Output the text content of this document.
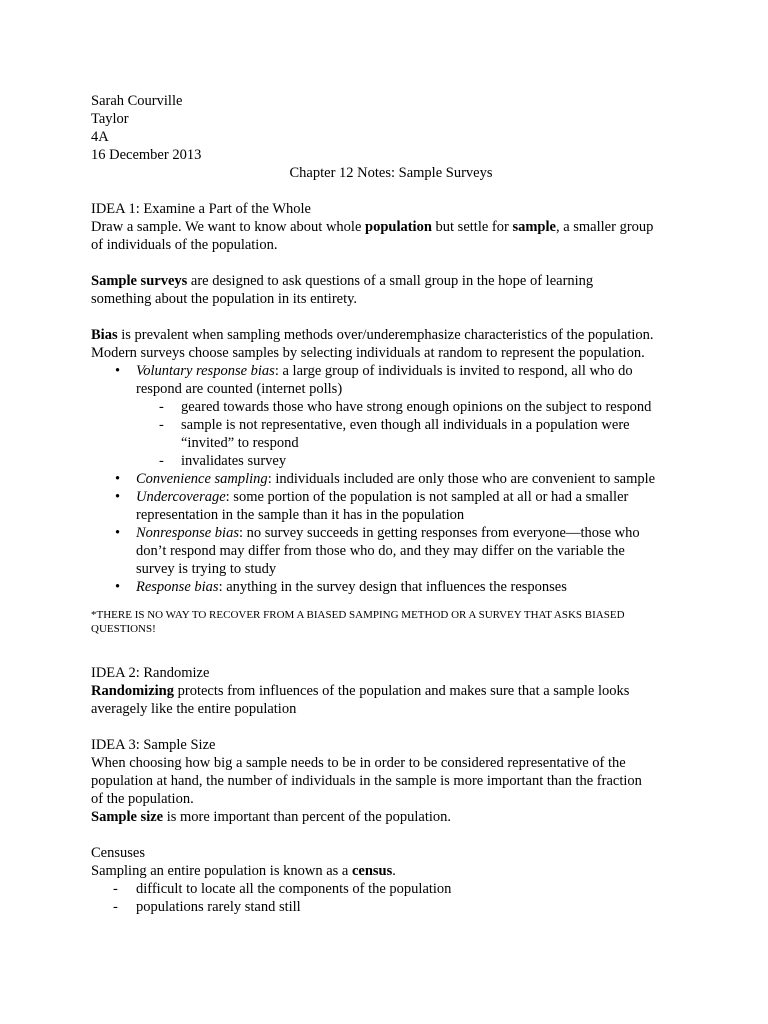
Sarah Courville
Taylor
4A
16 December 2013
Chapter 12 Notes: Sample Surveys
IDEA 1: Examine a Part of the Whole
Draw a sample. We want to know about whole population but settle for sample, a smaller group
of individuals of the population.
Sample surveys are designed to ask questions of a small group in the hope of learning
something about the population in its entirety.
Bias is prevalent when sampling methods over/underemphasize characteristics of the population.
Modern surveys choose samples by selecting individuals at random to represent the population.
• Voluntary response bias: a large group of individuals is invited to respond, all who do
respond are counted (internet polls)
- geared towards those who have strong enough opinions on the subject to respond
- sample is not representative, even though all individuals in a population were
“invited” to respond
- invalidates survey
• Convenience sampling: individuals included are only those who are convenient to sample
• Undercoverage: some portion of the population is not sampled at all or had a smaller
representation in the sample than it has in the population
• Nonresponse bias: no survey succeeds in getting responses from everyone—those who
don’t respond may differ from those who do, and they may differ on the variable the
survey is trying to study
• Response bias: anything in the survey design that influences the responses
*THERE IS NO WAY TO RECOVER FROM A BIASED SAMPING METHOD OR A SURVEY THAT ASKS BIASED
QUESTIONS!
IDEA 2: Randomize
Randomizing protects from influences of the population and makes sure that a sample looks
averagely like the entire population
IDEA 3: Sample Size
When choosing how big a sample needs to be in order to be considered representative of the
population at hand, the number of individuals in the sample is more important than the fraction
of the population.
Sample size is more important than percent of the population.
Censuses
Sampling an entire population is known as a census.
- difficult to locate all the components of the population
- populations rarely stand still
